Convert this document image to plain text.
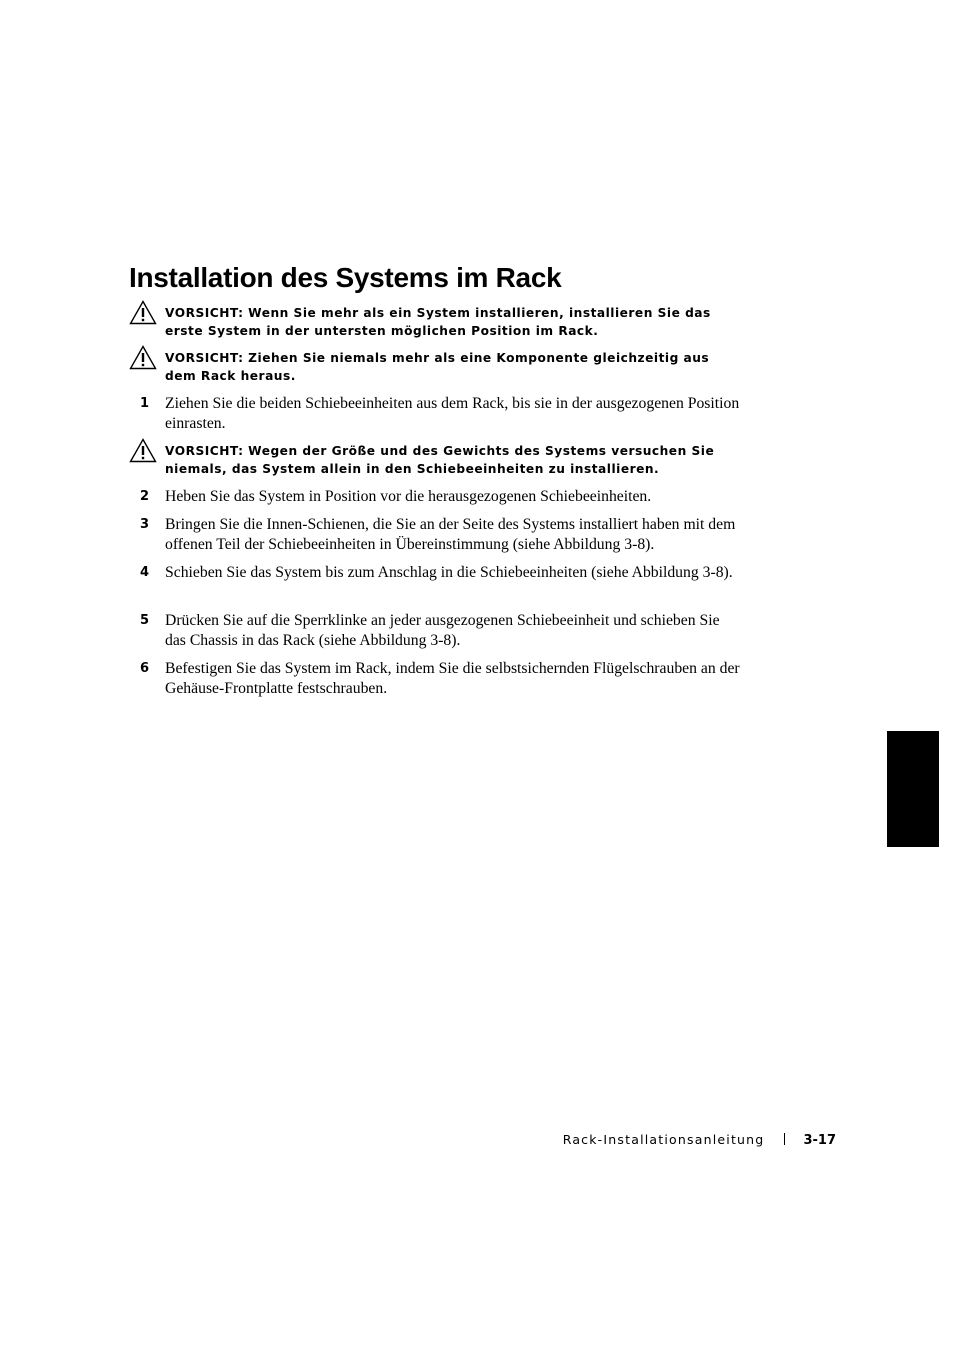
Installation des Systems im Rack
VORSICHT: Wenn Sie mehr als ein System installieren, installieren Sie das erste System in der untersten möglichen Position im Rack.
VORSICHT: Ziehen Sie niemals mehr als eine Komponente gleichzeitig aus dem Rack heraus.
1 Ziehen Sie die beiden Schiebeeinheiten aus dem Rack, bis sie in der ausgezogenen Position einrasten.
VORSICHT: Wegen der Größe und des Gewichts des Systems versuchen Sie niemals, das System allein in den Schiebeeinheiten zu installieren.
2 Heben Sie das System in Position vor die herausgezogenen Schiebeeinheiten.
3 Bringen Sie die Innen-Schienen, die Sie an der Seite des Systems installiert haben mit dem offenen Teil der Schiebeeinheiten in Übereinstimmung (siehe Abbildung 3-8).
4 Schieben Sie das System bis zum Anschlag in die Schiebeeinheiten (siehe Abbildung 3-8).
5 Drücken Sie auf die Sperrklinke an jeder ausgezogenen Schiebeeinheit und schieben Sie das Chassis in das Rack (siehe Abbildung 3-8).
6 Befestigen Sie das System im Rack, indem Sie die selbstsichernden Flügelschrauben an der Gehäuse-Frontplatte festschrauben.
Rack-Installationsanleitung	3-17
